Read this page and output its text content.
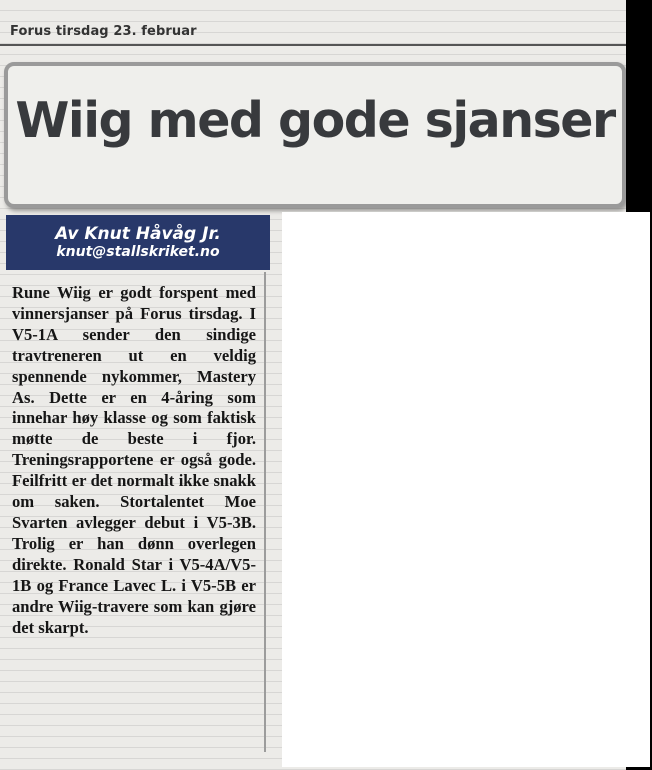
Forus tirsdag 23. februar
Wiig med gode sjanser
Av Knut Håvåg Jr.
knut@stallskriket.no
Rune Wiig er godt forspent med vinnersjanser på Forus tirsdag. I V5-1A sender den sindige travtreneren ut en veldig spennende nykommer, Mastery As. Dette er en 4-åring som innehar høy klasse og som faktisk møtte de beste i fjor. Treningsrapportene er også gode. Feilfritt er det normalt ikke snakk om saken. Stortalentet Moe Svarten avlegger debut i V5-3B. Trolig er han dønn overlegen direkte. Ronald Star i V5-4A/V5-1B og France Lavec L. i V5-5B er andre Wiig-travere som kan gjøre det skarpt.
